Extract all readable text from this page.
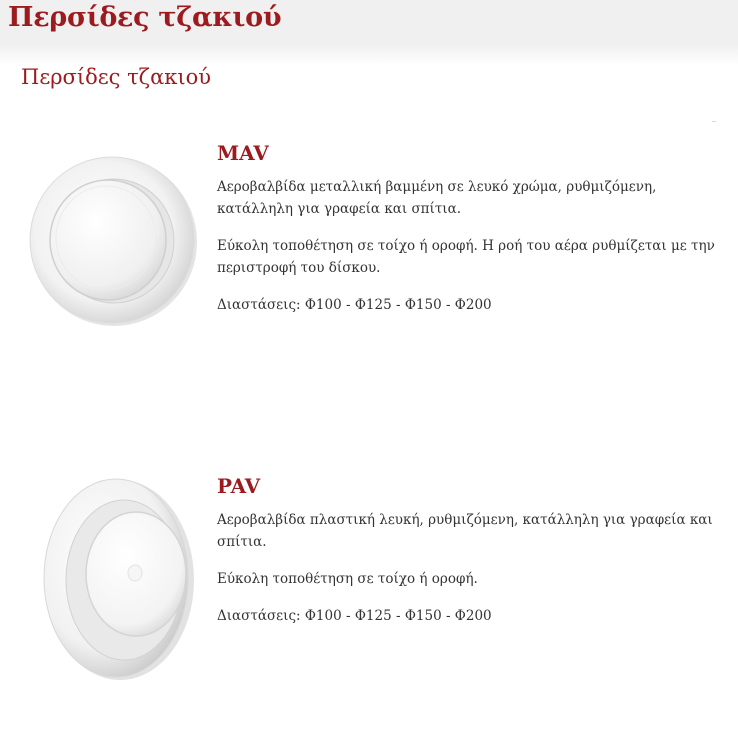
Περσίδες τζακιού
Περσίδες τζακιού
MAV

Αεροβαλβίδα μεταλλική βαμμένη σε λευκό χρώμα, ρυθμιζόμενη, κατάλληλη για γραφεία και σπίτια.

Εύκολη τοποθέτηση σε τοίχο ή οροφή. Η ροή του αέρα ρυθμίζεται με την περιστροφή του δίσκου.

Διαστάσεις: Φ100 - Φ125 - Φ150 - Φ200

PAV

Αεροβαλβίδα πλαστική λευκή, ρυθμιζόμενη, κατάλληλη για γραφεία και σπίτια.

Εύκολη τοποθέτηση σε τοίχο ή οροφή.

Διαστάσεις: Φ100 - Φ125 - Φ150 - Φ200
